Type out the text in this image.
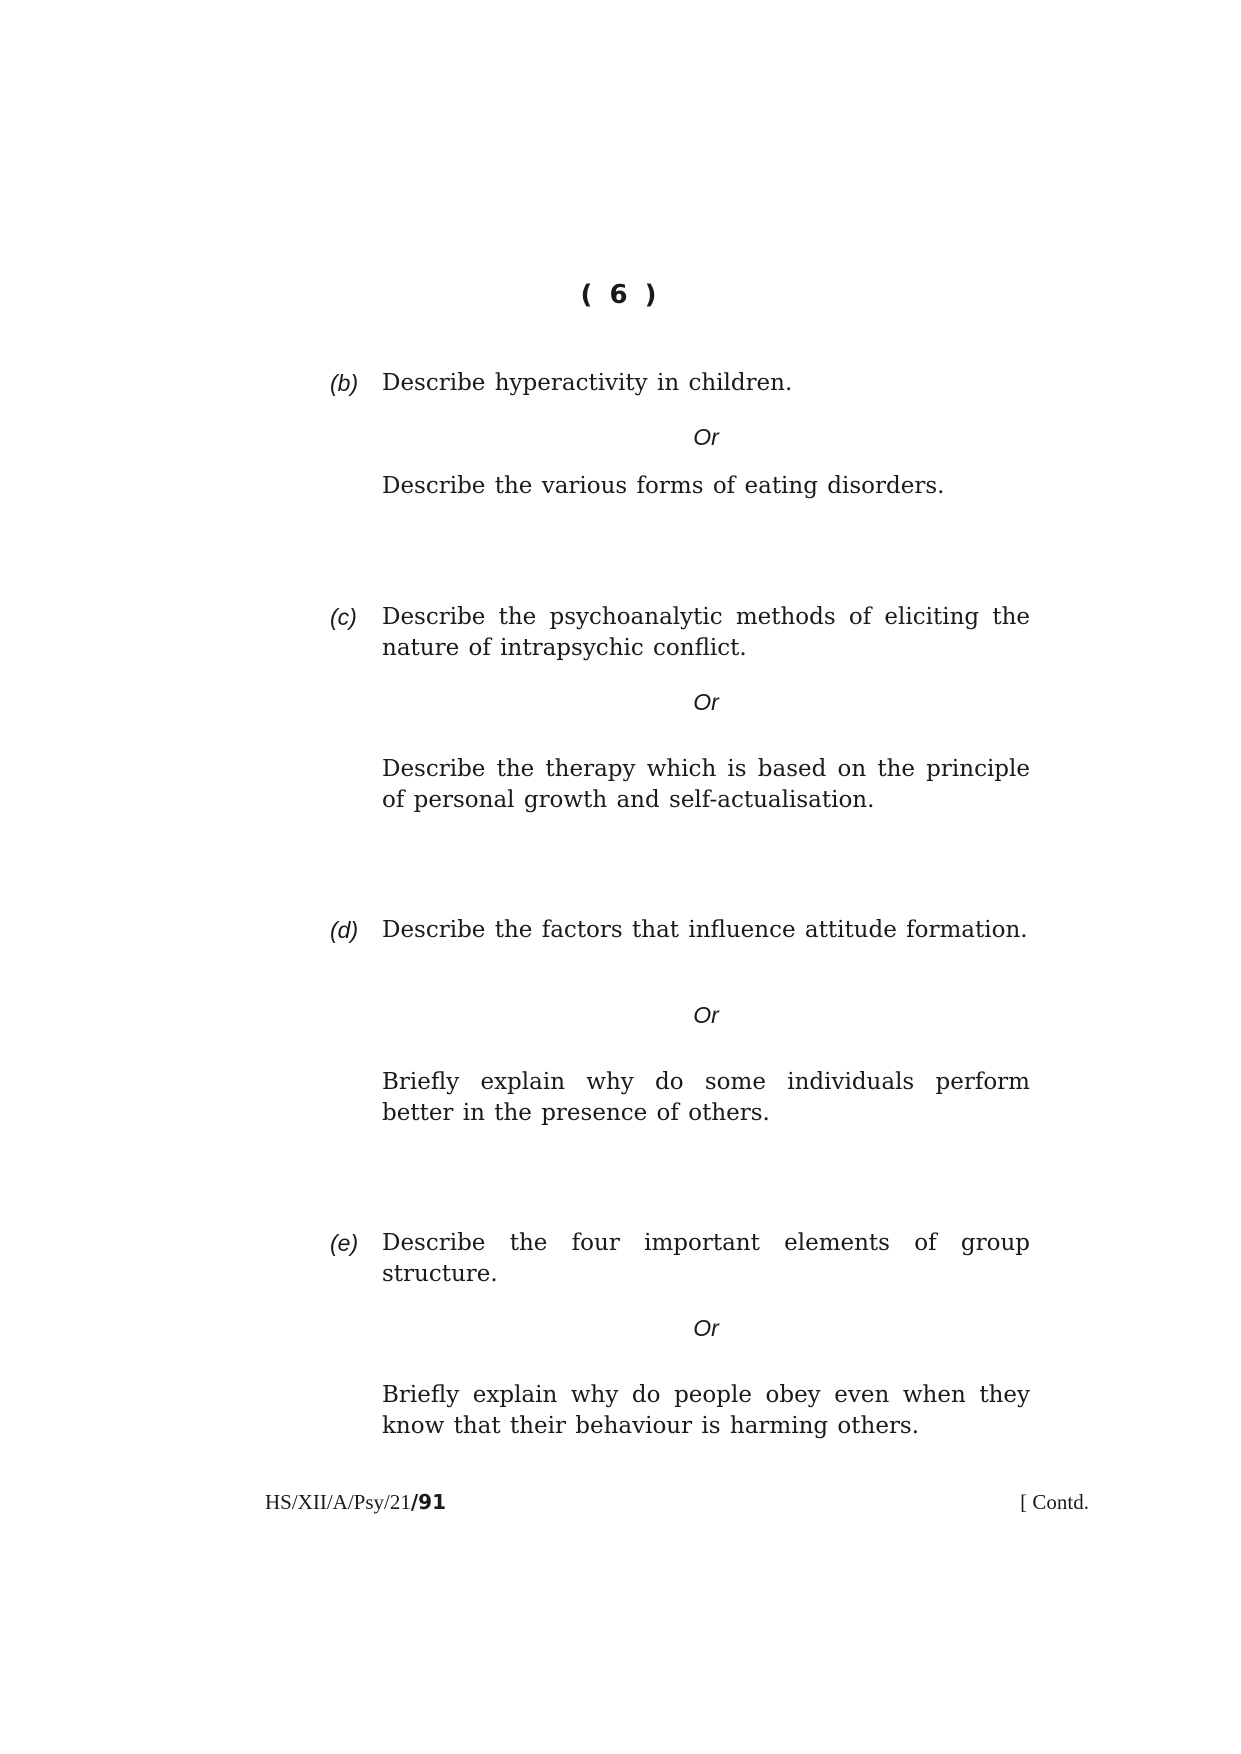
( 6 )
(b) Describe hyperactivity in children.
Or
Describe the various forms of eating disorders.
(c) Describe the psychoanalytic methods of eliciting the nature of intrapsychic conflict.
Or
Describe the therapy which is based on the principle of personal growth and self-actualisation.
(d) Describe the factors that influence attitude formation.
Or
Briefly explain why do some individuals perform better in the presence of others.
(e) Describe the four important elements of group structure.
Or
Briefly explain why do people obey even when they know that their behaviour is harming others.
HS/XII/A/Psy/21/91	[ Contd.
